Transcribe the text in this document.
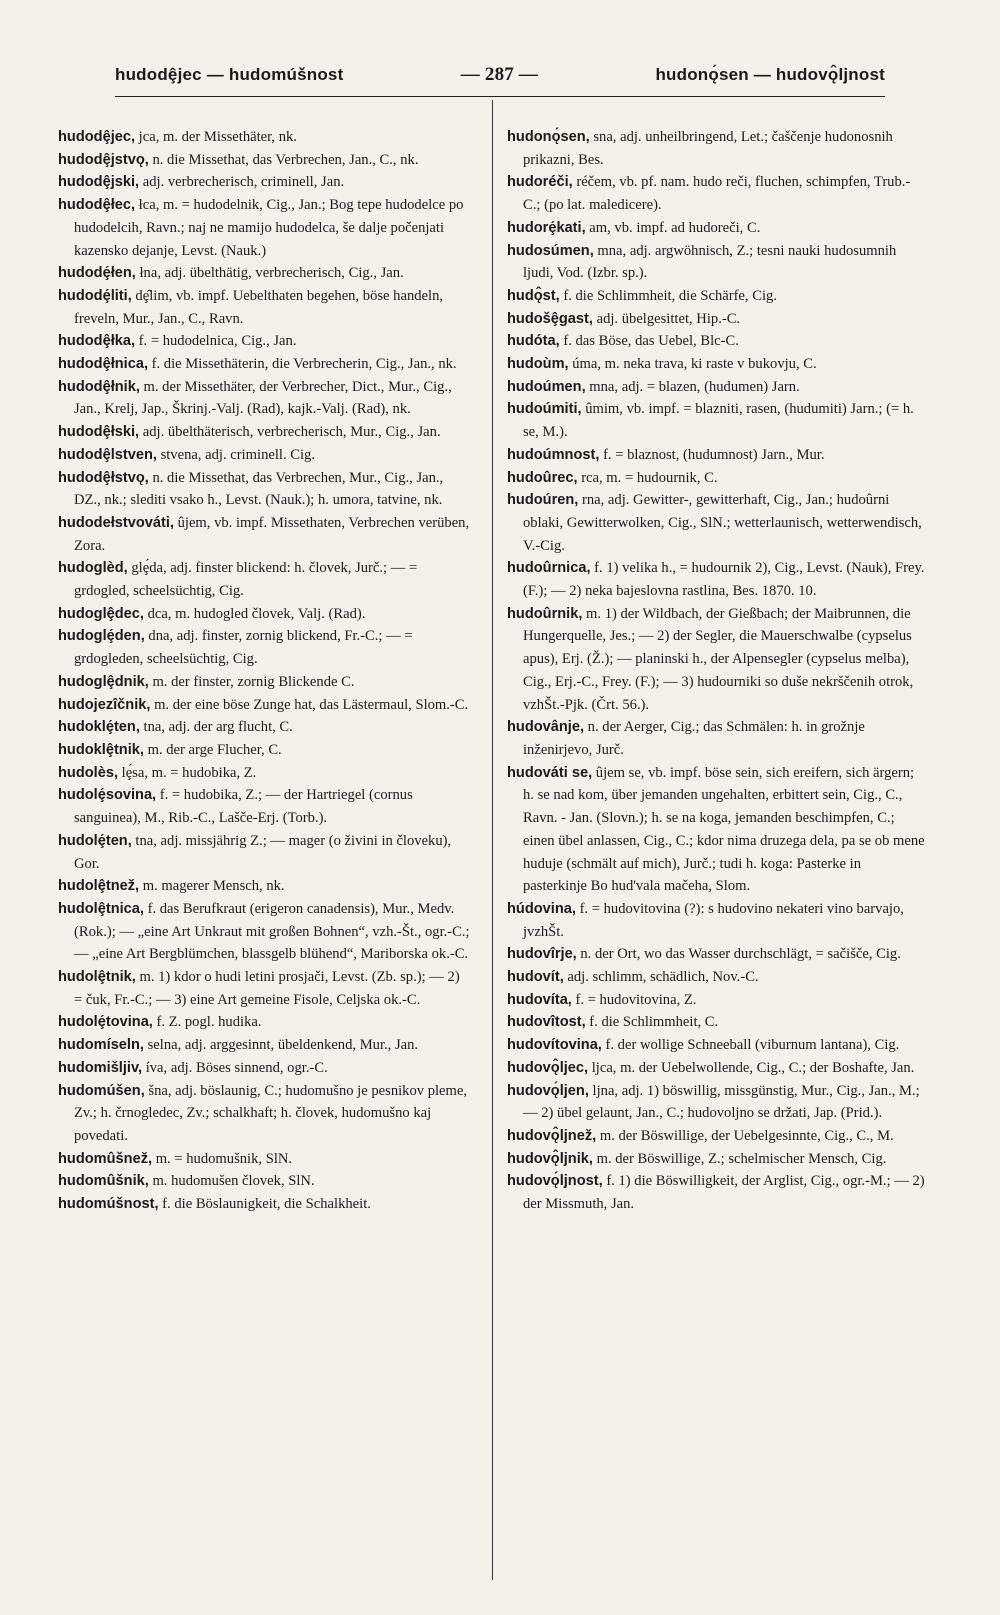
hudodȩ̂jec — hudomúšnost	— 287 —	hudonǫ́sen — hudovǫ̂ljnost

hudodȩ̂jec, jca, m. der Missethäter, nk.

hudodȩ̂jstvǫ, n. die Missethat, das Verbrechen, Jan., C., nk.

hudodȩ̂jski, adj. verbrecherisch, criminell, Jan.

hudodȩ̂łec, łca, m. = hudodelnik, Cig., Jan.; Bog tepe hudodelce po hudodelcih, Ravn.; naj ne mamijo hudodelca, še dalje počenjati kazensko dejanje, Levst. (Nauk.)

hudodȩ́łen, łna, adj. übelthätig, verbrecherisch, Cig., Jan.

hudodȩ́liti, dȩ̂lim, vb. impf. Uebelthaten begehen, böse handeln, freveln, Mur., Jan., C., Ravn.

hudodȩ̂łka, f. = hudodelnica, Cig., Jan.

hudodȩ̂łnica, f. die Missethäterin, die Verbrecherin, Cig., Jan., nk.

hudodȩ̂łnik, m. der Missethäter, der Verbrecher, Dict., Mur., Cig., Jan., Krelj, Jap., Škrinj.-Valj. (Rad), kajk.-Valj. (Rad), nk.

hudodȩ̂łski, adj. übelthäterisch, verbrecherisch, Mur., Cig., Jan.

hudodȩ̂lstven, stvena, adj. criminell. Cig.

hudodȩ̂łstvǫ, n. die Missethat, das Verbrechen, Mur., Cig., Jan., DZ., nk.; slediti vsako h., Levst. (Nauk.); h. umora, tatvine, nk.

hudodełstvováti, ûjem, vb. impf. Missethaten, Verbrechen verüben, Zora.

hudoglèd, glȩ́da, adj. finster blickend: h. človek, Jurč.; — = grdogled, scheelsüchtig, Cig.

hudoglȩ̂dec, dca, m. hudogled človek, Valj. (Rad).

hudoglȩ́den, dna, adj. finster, zornig blickend, Fr.-C.; — = grdogleden, scheelsüchtig, Cig.

hudoglȩ̂dnik, m. der finster, zornig Blickende C.

hudojezîčnik, m. der eine böse Zunge hat, das Lästermaul, Slom.-C.

hudoklȩ́ten, tna, adj. der arg flucht, C.

hudoklȩ̂tnik, m. der arge Flucher, C.

hudolès, lȩ́sa, m. = hudobika, Z.

hudolȩ́sovina, f. = hudobika, Z.; — der Hartriegel (cornus sanguinea), M., Rib.-C., Lašče-Erj. (Torb.).

hudolȩ́ten, tna, adj. missjährig Z.; — mager (o živini in človeku), Gor.

hudolȩ̂tnež, m. magerer Mensch, nk.

hudolȩ̂tnica, f. das Berufkraut (erigeron canadensis), Mur., Medv. (Rok.); — „eine Art Unkraut mit großen Bohnen“, vzh.-Št., ogr.-C.; — „eine Art Bergblümchen, blassgelb blühend“, Mariborska ok.-C.

hudolȩ̂tnik, m. 1) kdor o hudi letini prosjači, Levst. (Zb. sp.); — 2) = čuk, Fr.-C.; — 3) eine Art gemeine Fisole, Celjska ok.-C.

hudolȩ́tovina, f. Z. pogl. hudika.

hudomíseln, selna, adj. arggesinnt, übeldenkend, Mur., Jan.

hudomišljiv, íva, adj. Böses sinnend, ogr.-C.

hudomúšen, šna, adj. böslaunig, C.; hudomušno je pesnikov pleme, Zv.; h. črnogledec, Zv.; schalkhaft; h. človek, hudomušno kaj povedati.

hudomûšnež, m. = hudomušnik, SlN.

hudomûšnik, m. hudomušen človek, SlN.

hudomúšnost, f. die Böslaunigkeit, die Schalkheit.

hudonǫ́sen, sna, adj. unheilbringend, Let.; čaščenje hudonosnih prikazni, Bes.

hudoréči, réčem, vb. pf. nam. hudo reči, fluchen, schimpfen, Trub.-C.; (po lat. maledicere).

hudorȩ́kati, am, vb. impf. ad hudoreči, C.

hudosúmen, mna, adj. argwöhnisch, Z.; tesni nauki hudosumnih ljudi, Vod. (Izbr. sp.).

hudǫ̂st, f. die Schlimmheit, die Schärfe, Cig.

hudošȩ̂gast, adj. übelgesittet, Hip.-C.

hudóta, f. das Böse, das Uebel, Blc-C.

hudoùm, úma, m. neka trava, ki raste v bukovju, C.

hudoúmen, mna, adj. = blazen, (hudumen) Jarn.

hudoúmiti, ûmim, vb. impf. = blazniti, rasen, (hudumiti) Jarn.; (= h. se, M.).

hudoúmnost, f. = blaznost, (hudumnost) Jarn., Mur.

hudoûrec, rca, m. = hudournik, C.

hudoúren, rna, adj. Gewitter-, gewitterhaft, Cig., Jan.; hudoûrni oblaki, Gewitterwolken, Cig., SlN.; wetterlaunisch, wetterwendisch, V.-Cig.

hudoûrnica, f. 1) velika h., = hudournik 2), Cig., Levst. (Nauk), Frey. (F.); — 2) neka bajeslovna rastlina, Bes. 1870. 10.

hudoûrnik, m. 1) der Wildbach, der Gießbach; der Maibrunnen, die Hungerquelle, Jes.; — 2) der Segler, die Mauerschwalbe (cypselus apus), Erj. (Ž.); — planinski h., der Alpensegler (cypselus melba), Cig., Erj.-C., Frey. (F.); — 3) hudourniki so duše nekrščenih otrok, vzhŠt.-Pjk. (Črt. 56.).

hudovânje, n. der Aerger, Cig.; das Schmälen: h. in grožnje inženirjevo, Jurč.

hudováti se, ûjem se, vb. impf. böse sein, sich ereifern, sich ärgern; h. se nad kom, über jemanden ungehalten, erbittert sein, Cig., C., Ravn. - Jan. (Slovn.); h. se na koga, jemanden beschimpfen, C.; einen übel anlassen, Cig., C.; kdor nima druzega dela, pa se ob mene huduje (schmält auf mich), Jurč.; tudi h. koga: Pasterke in pasterkinje Bo hud'vala mačeha, Slom.

húdovina, f. = hudovitovina (?): s hudovino nekateri vino barvajo, jvzhŠt.

hudovîrje, n. der Ort, wo das Wasser durchschlägt, = sačišče, Cig.

hudovít, adj. schlimm, schädlich, Nov.-C.

hudovíta, f. = hudovitovina, Z.

hudovîtost, f. die Schlimmheit, C.

hudovítovina, f. der wollige Schneeball (viburnum lantana), Cig.

hudovǫ̂ljec, ljca, m. der Uebelwollende, Cig., C.; der Boshafte, Jan.

hudovǫ́ljen, ljna, adj. 1) böswillig, missgünstig, Mur., Cig., Jan., M.; — 2) übel gelaunt, Jan., C.; hudovoljno se držati, Jap. (Prid.).

hudovǫ̂ljnež, m. der Böswillige, der Uebelgesinnte, Cig., C., M.

hudovǫ̂ljnik, m. der Böswillige, Z.; schelmischer Mensch, Cig.

hudovǫ́ljnost, f. 1) die Böswilligkeit, der Arglist, Cig., ogr.-M.; — 2) der Missmuth, Jan.
